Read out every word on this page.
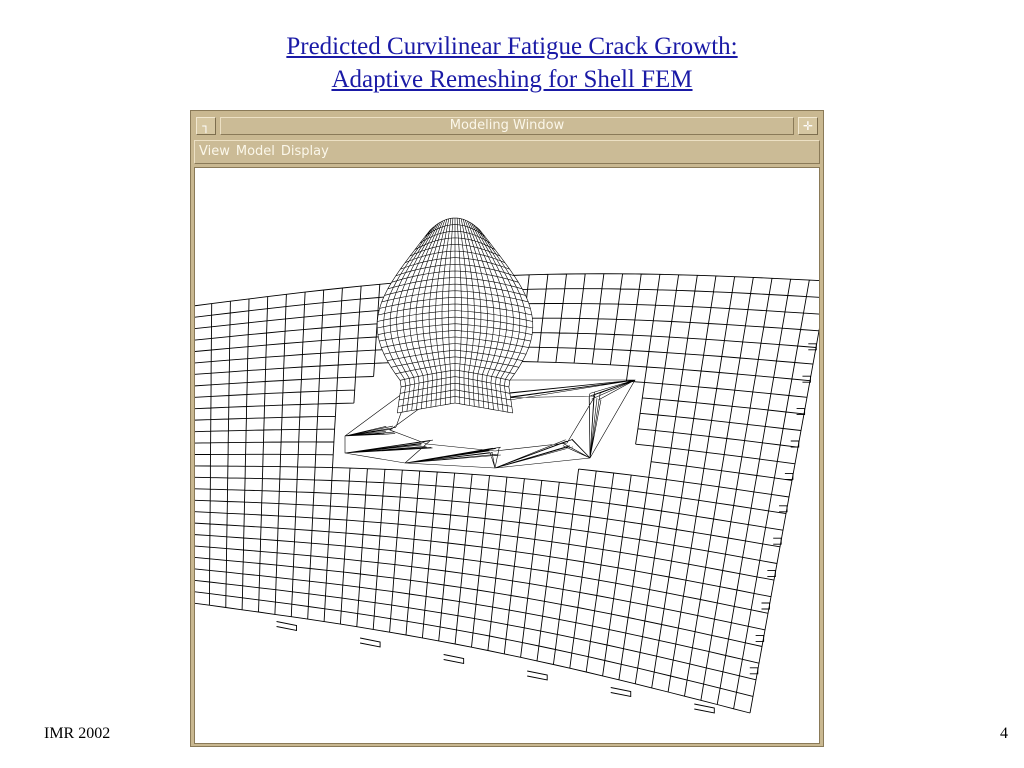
Predicted Curvilinear Fatigue Crack Growth:
Adaptive Remeshing for Shell FEM
┐	Modeling Window	✛
View Model Display
IMR 2002	4
